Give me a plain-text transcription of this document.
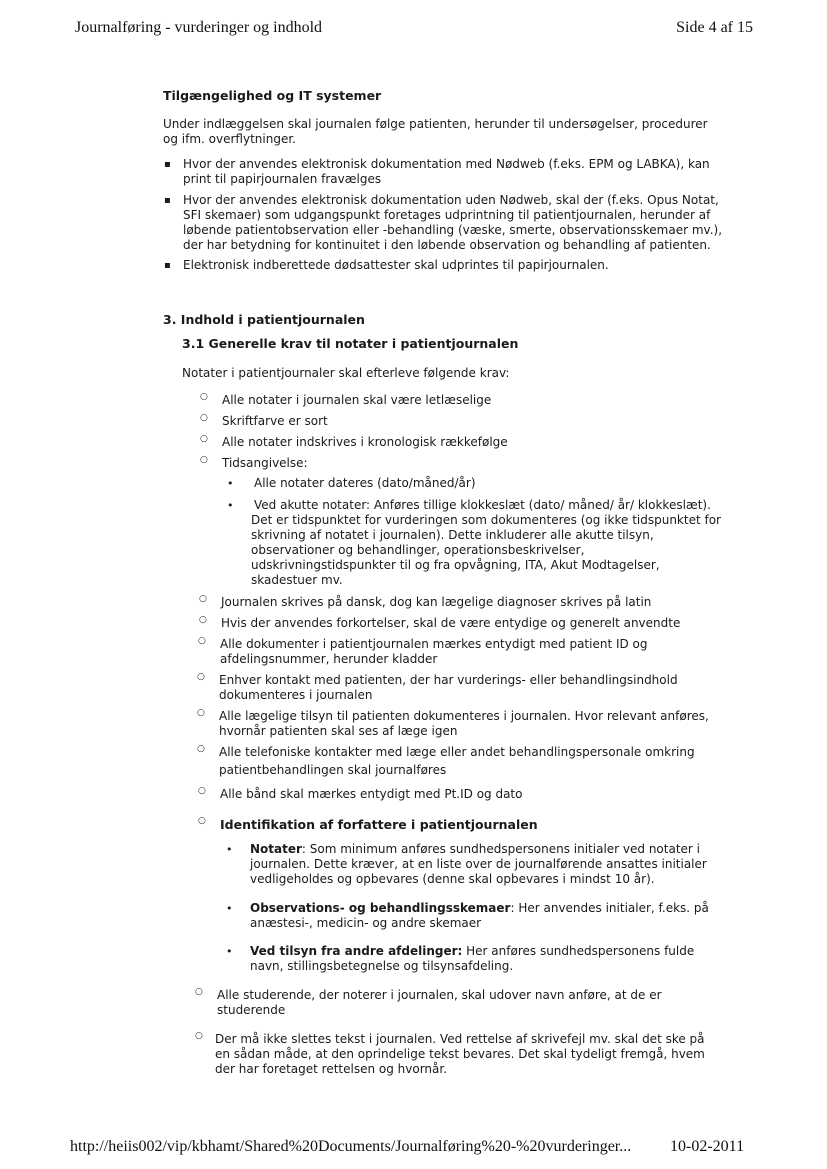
Journalføring - vurderinger og indhold	Side 4 af 15
Tilgængelighed og IT systemer
Under indlæggelsen skal journalen følge patienten, herunder til undersøgelser, procedurer
og ifm. overflytninger.
▪ Hvor der anvendes elektronisk dokumentation med Nødweb (f.eks. EPM og LABKA), kan
print til papirjournalen fravælges
▪ Hvor der anvendes elektronisk dokumentation uden Nødweb, skal der (f.eks. Opus Notat,
SFI skemaer) som udgangspunkt foretages udprintning til patientjournalen, herunder af
løbende patientobservation eller -behandling (væske, smerte, observationsskemaer mv.),
der har betydning for kontinuitet i den løbende observation og behandling af patienten.
▪ Elektronisk indberettede dødsattester skal udprintes til papirjournalen.
3. Indhold i patientjournalen
3.1 Generelle krav til notater i patientjournalen
Notater i patientjournaler skal efterleve følgende krav:
○ Alle notater i journalen skal være letlæselige
○ Skriftfarve er sort
○ Alle notater indskrives i kronologisk rækkefølge
○ Tidsangivelse:
• Alle notater dateres (dato/måned/år)
• Ved akutte notater: Anføres tillige klokkeslæt (dato/ måned/ år/ klokkeslæt).
Det er tidspunktet for vurderingen som dokumenteres (og ikke tidspunktet for
skrivning af notatet i journalen). Dette inkluderer alle akutte tilsyn,
observationer og behandlinger, operationsbeskrivelser,
udskrivningstidspunkter til og fra opvågning, ITA, Akut Modtagelser,
skadestuer mv.
○ Journalen skrives på dansk, dog kan lægelige diagnoser skrives på latin
○ Hvis der anvendes forkortelser, skal de være entydige og generelt anvendte
○ Alle dokumenter i patientjournalen mærkes entydigt med patient ID og
afdelingsnummer, herunder kladder
○ Enhver kontakt med patienten, der har vurderings- eller behandlingsindhold
dokumenteres i journalen
○ Alle lægelige tilsyn til patienten dokumenteres i journalen. Hvor relevant anføres,
hvornår patienten skal ses af læge igen
○ Alle telefoniske kontakter med læge eller andet behandlingspersonale omkring
patientbehandlingen skal journalføres
○ Alle bånd skal mærkes entydigt med Pt.ID og dato
○ Identifikation af forfattere i patientjournalen
• Notater: Som minimum anføres sundhedspersonens initialer ved notater i
journalen. Dette kræver, at en liste over de journalførende ansattes initialer
vedligeholdes og opbevares (denne skal opbevares i mindst 10 år).
• Observations- og behandlingsskemaer: Her anvendes initialer, f.eks. på
anæstesi-, medicin- og andre skemaer
• Ved tilsyn fra andre afdelinger: Her anføres sundhedspersonens fulde
navn, stillingsbetegnelse og tilsynsafdeling.
○ Alle studerende, der noterer i journalen, skal udover navn anføre, at de er
studerende
○ Der må ikke slettes tekst i journalen. Ved rettelse af skrivefejl mv. skal det ske på
en sådan måde, at den oprindelige tekst bevares. Det skal tydeligt fremgå, hvem
der har foretaget rettelsen og hvornår.
http://heiis002/vip/kbhamt/Shared%20Documents/Journalføring%20-%20vurderinger... 10-02-2011
